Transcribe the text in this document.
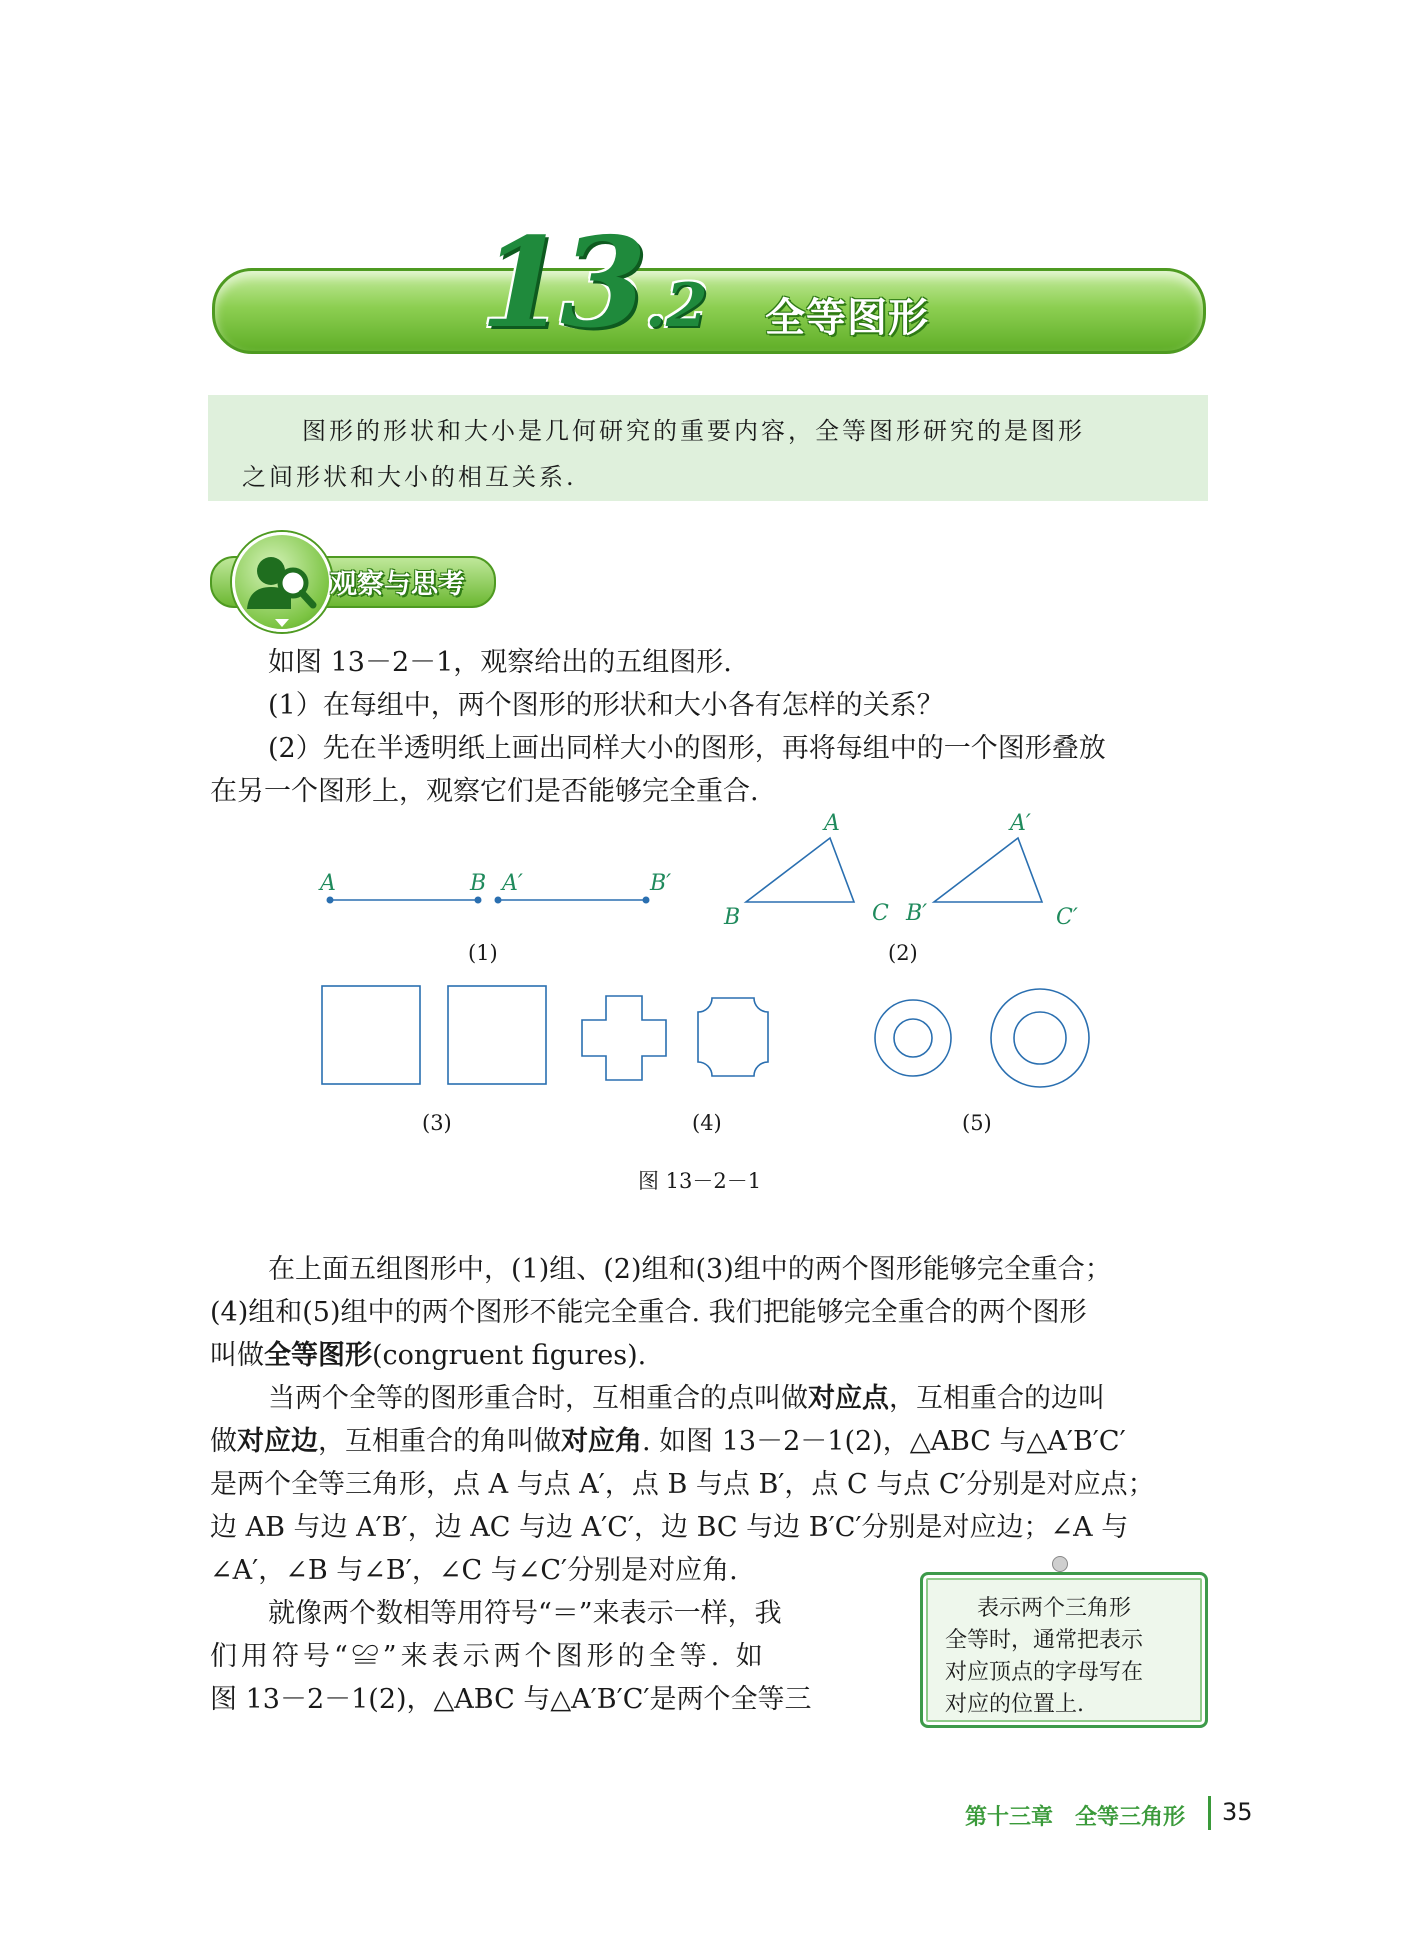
13 .2 全等图形
图形的形状和大小是几何研究的重要内容，全等图形研究的是图形
之间形状和大小的相互关系.
观察与思考
如图 13－2－1，观察给出的五组图形.
(1）在每组中，两个图形的形状和大小各有怎样的关系？
(2）先在半透明纸上画出同样大小的图形，再将每组中的一个图形叠放
在另一个图形上，观察它们是否能够完全重合.
A	B A′	B′
A
B	C
A′
B′	C′
(1)	(2)
(3)	(4)	(5)
图 13－2－1
在上面五组图形中，(1)组、(2)组和(3)组中的两个图形能够完全重合；
(4)组和(5)组中的两个图形不能完全重合. 我们把能够完全重合的两个图形
叫做全等图形(congruent figures).
当两个全等的图形重合时，互相重合的点叫做对应点，互相重合的边叫
做对应边，互相重合的角叫做对应角. 如图 13－2－1(2)，△ABC 与△A′B′C′
是两个全等三角形，点 A 与点 A′，点 B 与点 B′，点 C 与点 C′分别是对应点；
边 AB 与边 A′B′，边 AC 与边 A′C′，边 BC 与边 B′C′分别是对应边；∠A 与
∠A′，∠B 与∠B′，∠C 与∠C′分别是对应角.
就像两个数相等用符号“＝”来表示一样，我
们用符号“≌”来表示两个图形的全等. 如
图 13－2－1(2)，△ABC 与△A′B′C′是两个全等三
表示两个三角形
全等时，通常把表示
对应顶点的字母写在
对应的位置上.
第十三章　全等三角形 35
